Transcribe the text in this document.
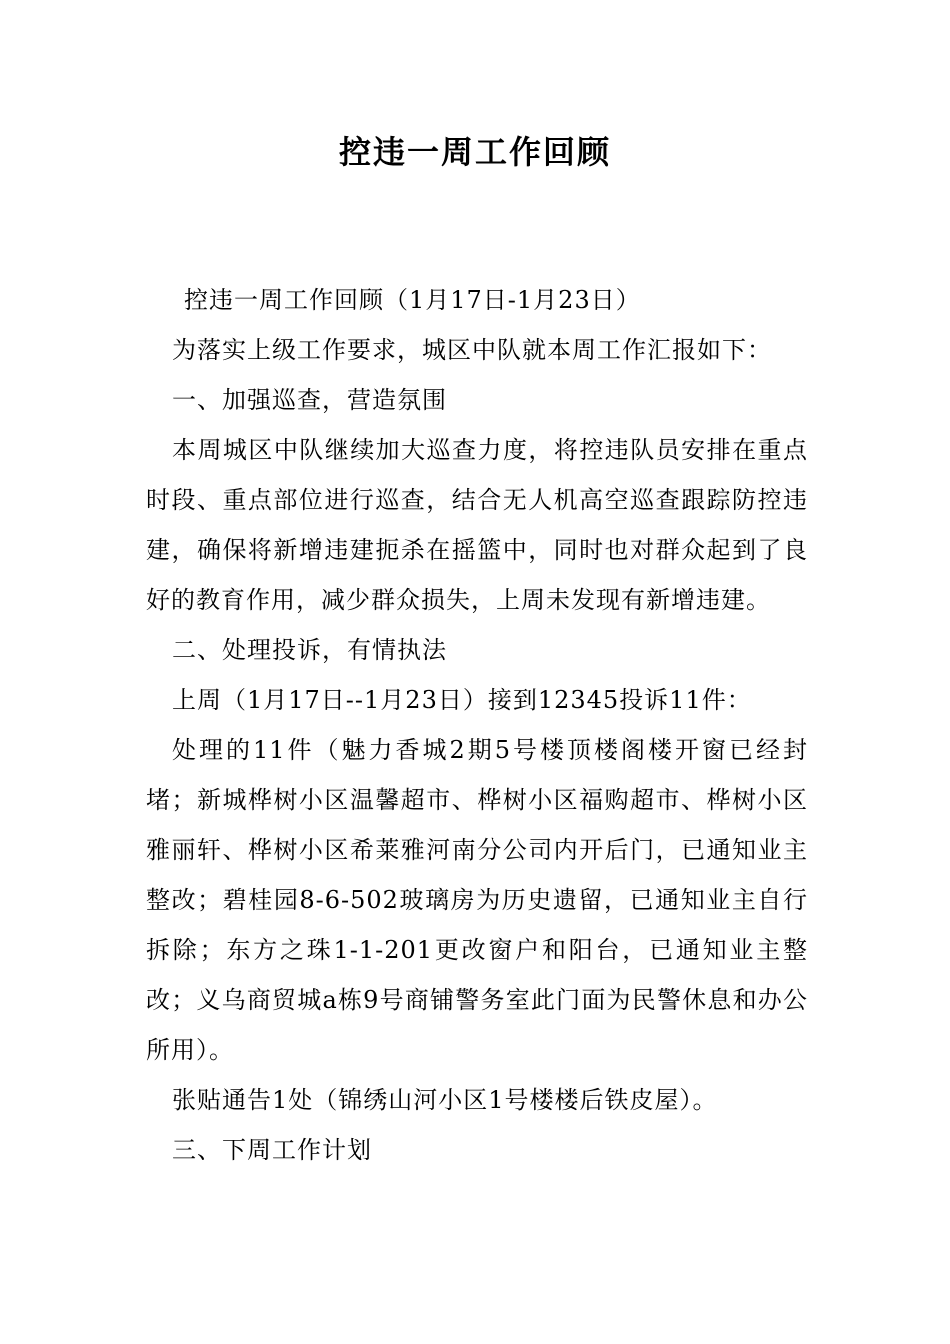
控违一周工作回顾

控违一周工作回顾（1月17日-1月23日）

为落实上级工作要求，城区中队就本周工作汇报如下：

一、加强巡查，营造氛围

本周城区中队继续加大巡查力度，将控违队员安排在重点时段、重点部位进行巡查，结合无人机高空巡查跟踪防控违建，确保将新增违建扼杀在摇篮中，同时也对群众起到了良好的教育作用，减少群众损失，上周未发现有新增违建。

二、处理投诉，有情执法

上周（1月17日--1月23日）接到12345投诉11件：

处理的11件（魅力香城2期5号楼顶楼阁楼开窗已经封堵；新城桦树小区温馨超市、桦树小区福购超市、桦树小区雅丽轩、桦树小区希莱雅河南分公司内开后门，已通知业主整改；碧桂园8-6-502玻璃房为历史遗留，已通知业主自行拆除；东方之珠1-1-201更改窗户和阳台，已通知业主整改；义乌商贸城a栋9号商铺警务室此门面为民警休息和办公所用）。

张贴通告1处（锦绣山河小区1号楼楼后铁皮屋）。

三、下周工作计划
